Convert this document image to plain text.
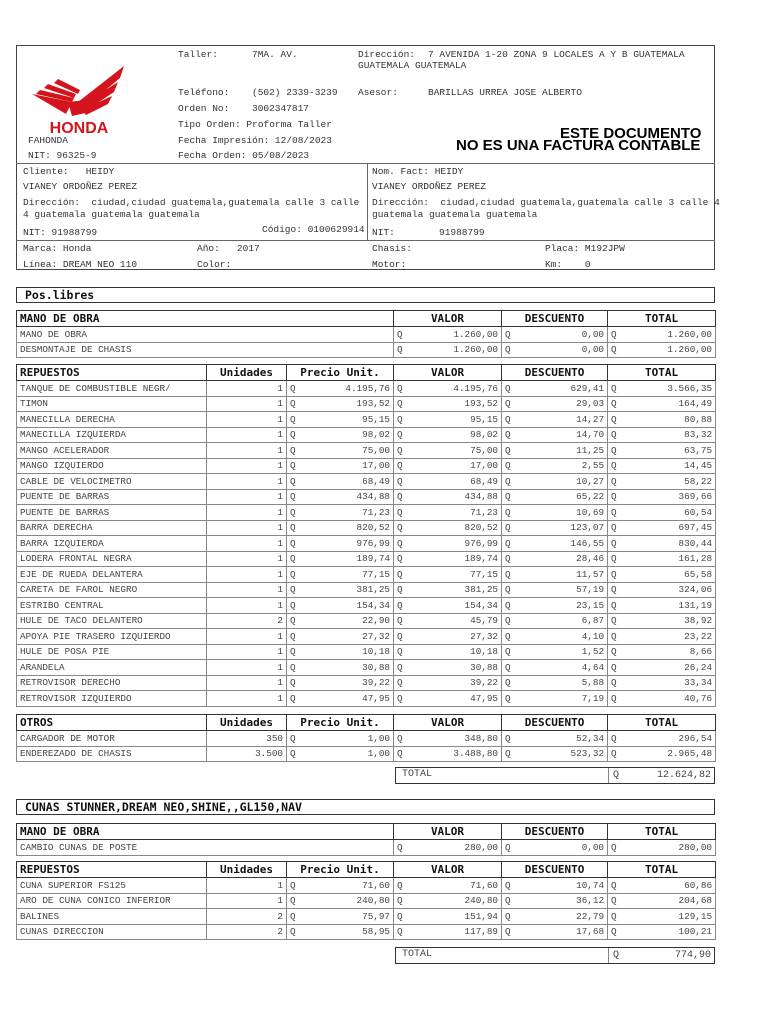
HONDA
FAHONDA
NIT: 96325-9
Taller:	7MA. AV.	Dirección: 7 AVENIDA 1-20 ZONA 9 LOCALES A Y B GUATEMALA
GUATEMALA GUATEMALA
Teléfono: (502) 2339-3239 Asesor:	BARILLAS URREA JOSE ALBERTO
Orden No: 3002347817
Tipo Orden: Proforma Taller
Fecha Impresión: 12/08/2023
Fecha Orden: 05/08/2023
ESTE DOCUMENTO
NO ES UNA FACTURA CONTABLE
Cliente: HEIDY
VIANEY ORDOÑEZ PEREZ
Dirección: ciudad,ciudad guatemala,guatemala calle 3 calle
4 guatemala guatemala guatemala
NIT: 91988799	Código: 0100629914
Nom. Fact: HEIDY
VIANEY ORDOÑEZ PEREZ
Dirección: ciudad,ciudad guatemala,guatemala calle 3 calle 4
guatemala guatemala guatemala
NIT:	91988799
Marca: Honda	Año: 2017	Chasis:	Placa: M192JPW
Línea: DREAM NEO 110	Color:	Motor:	Km: 0
Pos.libres
MANO DE OBRA	VALOR		DESCUENTO		TOTAL	
MANO DE OBRA	Q	1.260,00	Q	0,00	Q	1.260,00
DESMONTAJE DE CHASIS	Q	1.260,00	Q	0,00	Q	1.260,00
REPUESTOS	Unidades	Precio Unit.		VALOR		DESCUENTO		TOTAL	
TANQUE DE COMBUSTIBLE NEGR/	1	Q	4.195,76	Q	4.195,76	Q	629,41	Q	3.566,35
TIMON	1	Q	193,52	Q	193,52	Q	29,03	Q	164,49
MANECILLA DERECHA	1	Q	95,15	Q	95,15	Q	14,27	Q	80,88
MANECILLA IZQUIERDA	1	Q	98,02	Q	98,02	Q	14,70	Q	83,32
MANGO ACELERADOR	1	Q	75,00	Q	75,00	Q	11,25	Q	63,75
MANGO IZQUIERDO	1	Q	17,00	Q	17,00	Q	2,55	Q	14,45
CABLE DE VELOCIMETRO	1	Q	68,49	Q	68,49	Q	10,27	Q	58,22
PUENTE DE BARRAS	1	Q	434,88	Q	434,88	Q	65,22	Q	369,66
PUENTE DE BARRAS	1	Q	71,23	Q	71,23	Q	10,69	Q	60,54
BARRA DERECHA	1	Q	820,52	Q	820,52	Q	123,07	Q	697,45
BARRA IZQUIERDA	1	Q	976,99	Q	976,99	Q	146,55	Q	830,44
LODERA FRONTAL NEGRA	1	Q	189,74	Q	189,74	Q	28,46	Q	161,28
EJE DE RUEDA DELANTERA	1	Q	77,15	Q	77,15	Q	11,57	Q	65,58
CARETA DE FAROL NEGRO	1	Q	381,25	Q	381,25	Q	57,19	Q	324,06
ESTRIBO CENTRAL	1	Q	154,34	Q	154,34	Q	23,15	Q	131,19
HULE DE TACO DELANTERO	2	Q	22,90	Q	45,79	Q	6,87	Q	38,92
APOYA PIE TRASERO IZQUIERDO	1	Q	27,32	Q	27,32	Q	4,10	Q	23,22
HULE DE POSA PIE	1	Q	10,18	Q	10,18	Q	1,52	Q	8,66
ARANDELA	1	Q	30,88	Q	30,88	Q	4,64	Q	26,24
RETROVISOR DERECHO	1	Q	39,22	Q	39,22	Q	5,88	Q	33,34
RETROVISOR IZQUIERDO	1	Q	47,95	Q	47,95	Q	7,19	Q	40,76
OTROS	Unidades	Precio Unit.		VALOR		DESCUENTO		TOTAL	
CARGADOR DE MOTOR	350	Q	1,00	Q	348,80	Q	52,34	Q	296,54
ENDEREZADO DE CHASIS	3.500	Q	1,00	Q	3.488,80	Q	523,32	Q	2.965,48
TOTAL	Q	12.624,82
CUNAS STUNNER,DREAM NEO,SHINE,,GL150,NAV
MANO DE OBRA	VALOR		DESCUENTO		TOTAL	
CAMBIO CUNAS DE POSTE	Q	280,00	Q	0,00	Q	280,00
REPUESTOS	Unidades	Precio Unit.		VALOR		DESCUENTO		TOTAL	
CUNA SUPERIOR FS125	1	Q	71,60	Q	71,60	Q	10,74	Q	60,86
ARO DE CUNA CONICO INFERIOR	1	Q	240,80	Q	240,80	Q	36,12	Q	204,68
BALINES	2	Q	75,97	Q	151,94	Q	22,79	Q	129,15
CUNAS DIRECCION	2	Q	58,95	Q	117,89	Q	17,68	Q	100,21
TOTAL	Q	774,90
